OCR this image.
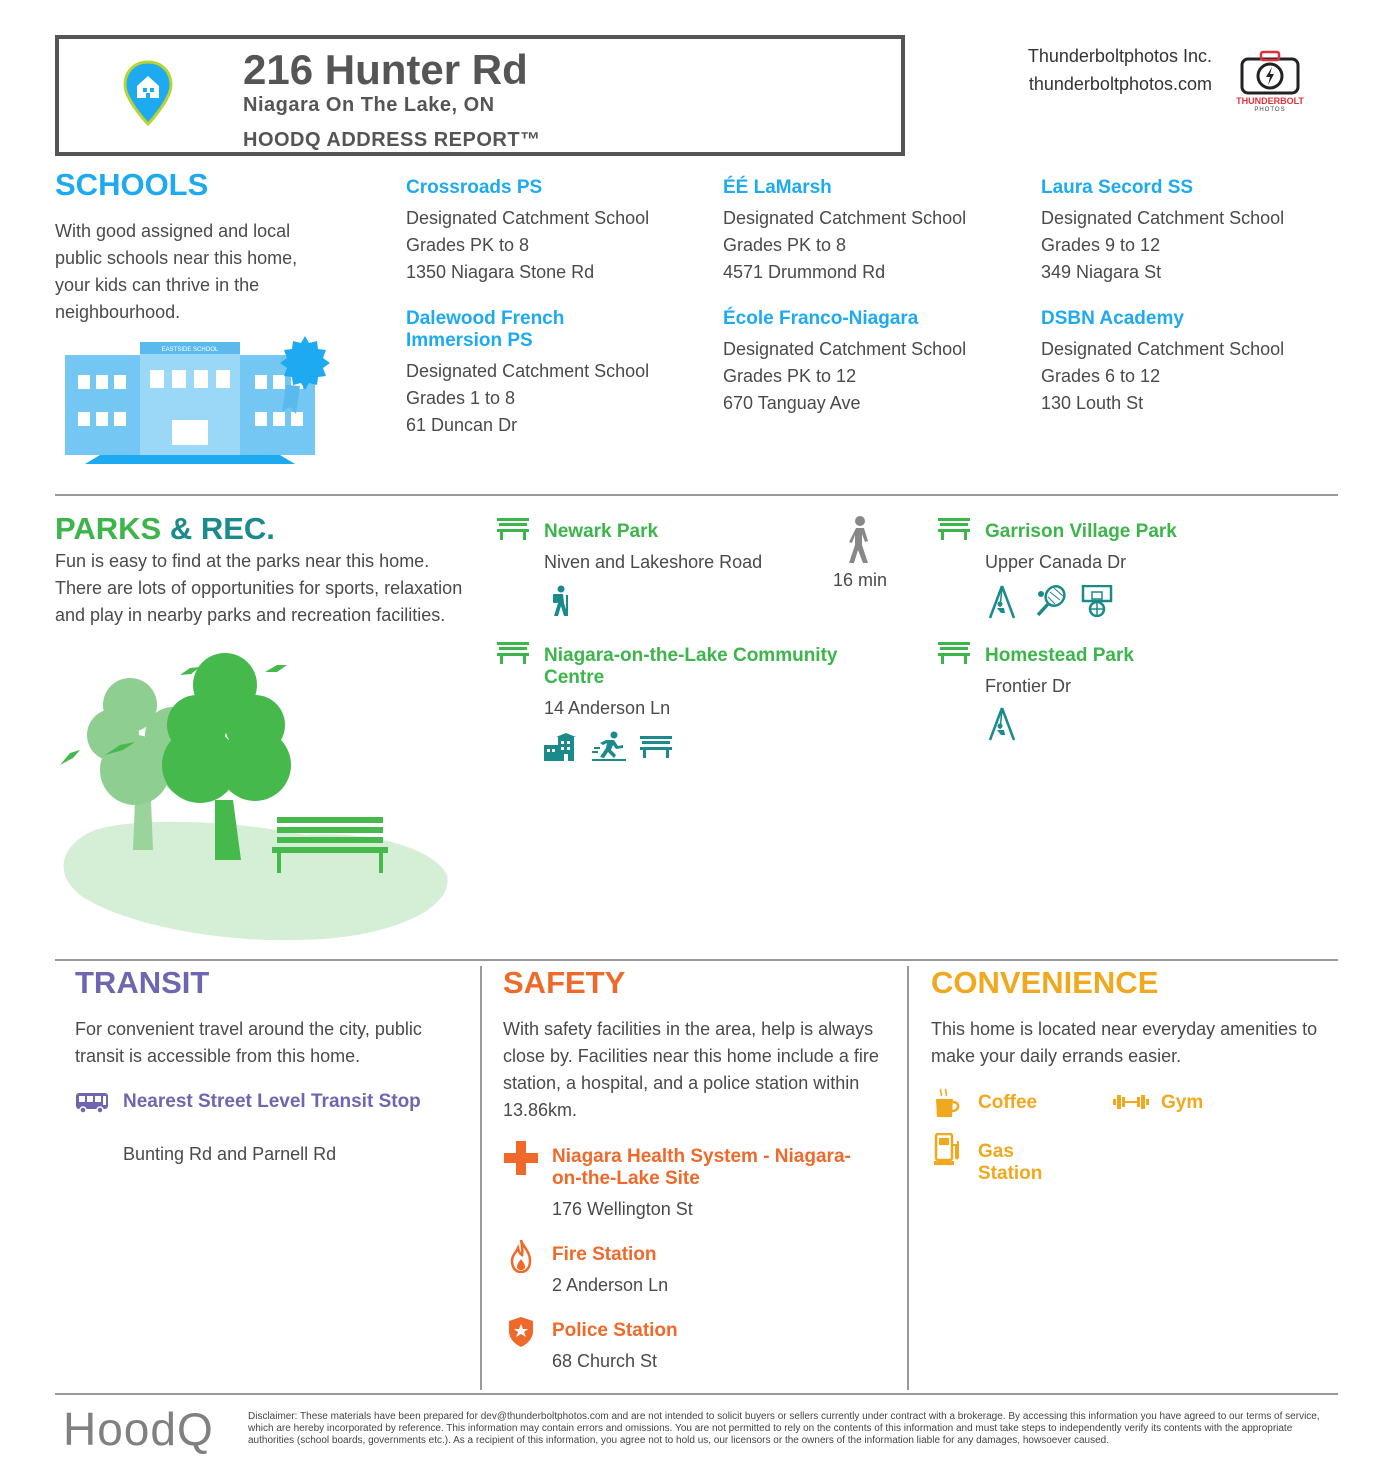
216 Hunter Rd
Niagara On The Lake, ON
HOODQ ADDRESS REPORT™
Thunderboltphotos Inc.
thunderboltphotos.com
THUNDERBOLT
PHOTOS
SCHOOLS
With good assigned and local public schools near this home, your kids can thrive in the neighbourhood.
EASTSIDE SCHOOL
Crossroads PS
Designated Catchment School
Grades PK to 8
1350 Niagara Stone Rd
ÉÉ LaMarsh
Designated Catchment School
Grades PK to 8
4571 Drummond Rd
Laura Secord SS
Designated Catchment School
Grades 9 to 12
349 Niagara St
Dalewood French Immersion PS
Designated Catchment School
Grades 1 to 8
61 Duncan Dr
École Franco-Niagara
Designated Catchment School
Grades PK to 12
670 Tanguay Ave
DSBN Academy
Designated Catchment School
Grades 6 to 12
130 Louth St
PARKS & REC.
Fun is easy to find at the parks near this home. There are lots of opportunities for sports, relaxation and play in nearby parks and recreation facilities.
Newark Park
Niven and Lakeshore Road
16 min
Niagara-on-the-Lake Community Centre
14 Anderson Ln
Garrison Village Park
Upper Canada Dr
Homestead Park
Frontier Dr
TRANSIT
For convenient travel around the city, public transit is accessible from this home.
Nearest Street Level Transit Stop
Bunting Rd and Parnell Rd
SAFETY
With safety facilities in the area, help is always close by. Facilities near this home include a fire station, a hospital, and a police station within 13.86km.
Niagara Health System - Niagara-on-the-Lake Site
176 Wellington St
Fire Station
2 Anderson Ln
Police Station
68 Church St
CONVENIENCE
This home is located near everyday amenities to make your daily errands easier.
Coffee	Gym
Gas Station
HoodQ	Disclaimer: These materials have been prepared for dev@thunderboltphotos.com and are not intended to solicit buyers or sellers currently under contract with a brokerage. By accessing this information you have agreed to our terms of service, which are hereby incorporated by reference. This information may contain errors and omissions. You are not permitted to rely on the contents of this information and must take steps to independently verify its contents with the appropriate authorities (school boards, governments etc.). As a recipient of this information, you agree not to hold us, our licensors or the owners of the information liable for any damages, howsoever caused.
